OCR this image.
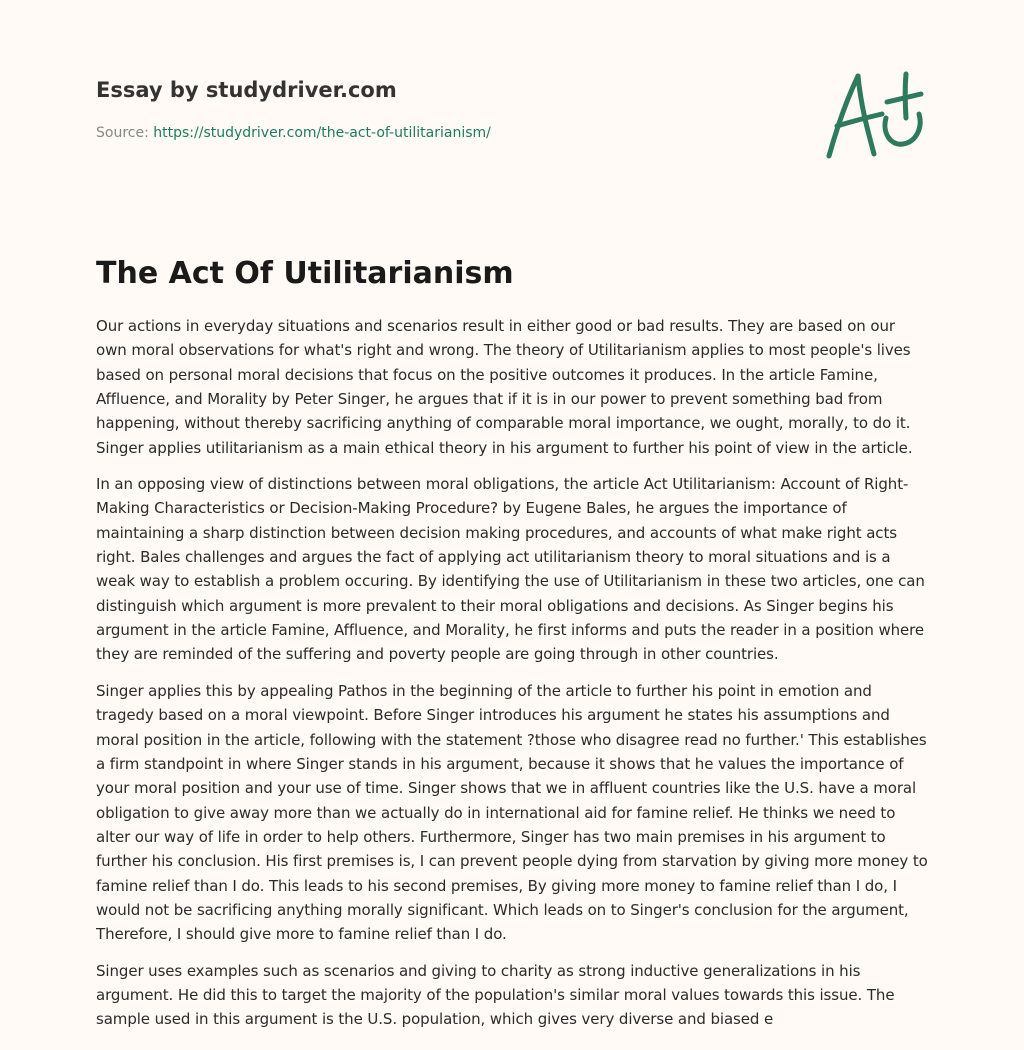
Essay by studydriver.com
Source: https://studydriver.com/the-act-of-utilitarianism/
The Act Of Utilitarianism

Our actions in everyday situations and scenarios result in either good or bad results. They are based on our own moral observations for what's right and wrong. The theory of Utilitarianism applies to most people's lives based on personal moral decisions that focus on the positive outcomes it produces. In the article Famine, Affluence, and Morality by Peter Singer, he argues that if it is in our power to prevent something bad from happening, without thereby sacrificing anything of comparable moral importance, we ought, morally, to do it. Singer applies utilitarianism as a main ethical theory in his argument to further his point of view in the article.

In an opposing view of distinctions between moral obligations, the article Act Utilitarianism: Account of Right-Making Characteristics or Decision-Making Procedure? by Eugene Bales, he argues the importance of maintaining a sharp distinction between decision making procedures, and accounts of what make right acts right. Bales challenges and argues the fact of applying act utilitarianism theory to moral situations and is a weak way to establish a problem occuring. By identifying the use of Utilitarianism in these two articles, one can distinguish which argument is more prevalent to their moral obligations and decisions. As Singer begins his argument in the article Famine, Affluence, and Morality, he first informs and puts the reader in a position where they are reminded of the suffering and poverty people are going through in other countries.

Singer applies this by appealing Pathos in the beginning of the article to further his point in emotion and tragedy based on a moral viewpoint. Before Singer introduces his argument he states his assumptions and moral position in the article, following with the statement ?those who disagree read no further.' This establishes a firm standpoint in where Singer stands in his argument, because it shows that he values the importance of your moral position and your use of time. Singer shows that we in affluent countries like the U.S. have a moral obligation to give away more than we actually do in international aid for famine relief. He thinks we need to alter our way of life in order to help others. Furthermore, Singer has two main premises in his argument to further his conclusion. His first premises is, I can prevent people dying from starvation by giving more money to famine relief than I do. This leads to his second premises, By giving more money to famine relief than I do, I would not be sacrificing anything morally significant. Which leads on to Singer's conclusion for the argument, Therefore, I should give more to famine relief than I do.

Singer uses examples such as scenarios and giving to charity as strong inductive generalizations in his argument. He did this to target the majority of the population's similar moral values towards this issue. The sample used in this argument is the U.S. population, which gives very diverse and biased e
